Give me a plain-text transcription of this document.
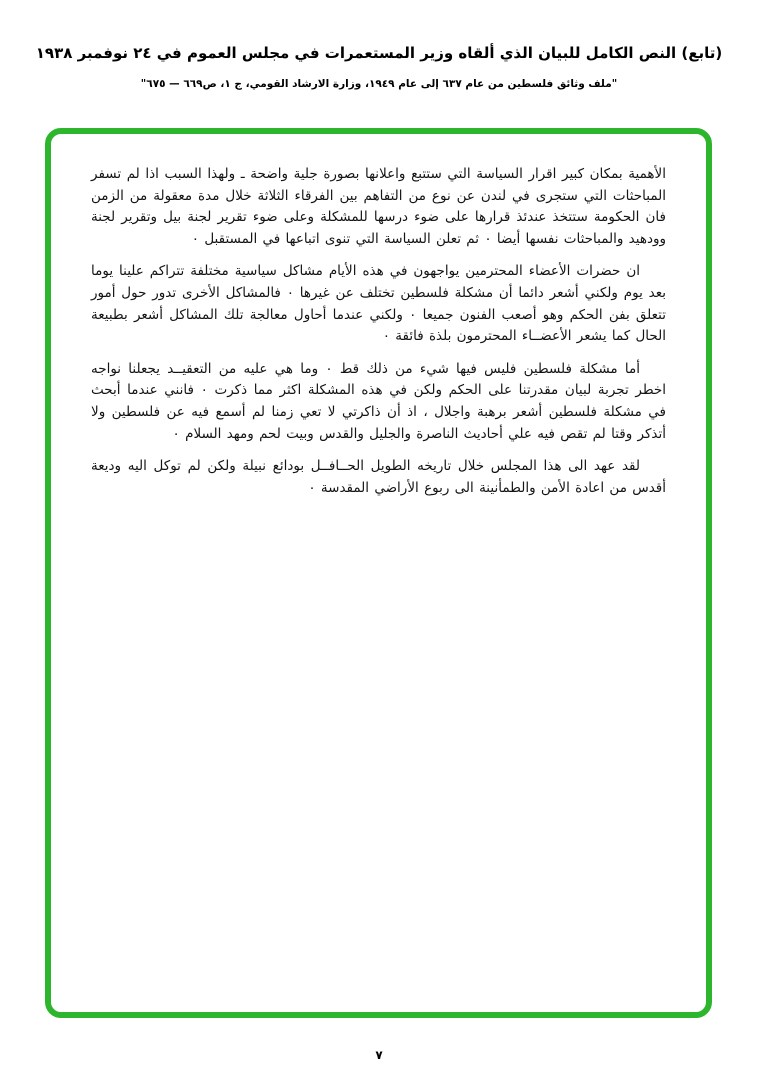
(تابع) النص الكامل للبيان الذي ألقاه وزير المستعمرات في مجلس العموم في ٢٤ نوفمبر ١٩٣٨
"ملف وثائق فلسطين من عام ٦٣٧ إلى عام ١٩٤٩، وزارة الارشاد القومي، ج ١، ص٦٦٩ — ٦٧٥"

الأهمية بمكان كبير اقرار السياسة التي ستتبع واعلانها بصورة جلية واضحة ـ ولهذا السبب اذا لم تسفر المباحثات التي ستجرى في لندن عن نوع من التفاهم بين الفرقاء الثلاثة خلال مدة معقولة من الزمن فان الحكومة ستتخذ عندئذ قرارها على ضوء درسها للمشكلة وعلى ضوء تقرير لجنة بيل وتقرير لجنة وودهيد والمباحثات نفسها أيضا ٠ ثم تعلن السياسة التي تنوى اتباعها في المستقبل ٠

ان حضرات الأعضاء المحترمين يواجهون في هذه الأيام مشاكل سياسية مختلفة تتراكم علينا يوما بعد يوم ولكني أشعر دائما أن مشكلة فلسطين تختلف عن غيرها ٠ فالمشاكل الأخرى تدور حول أمور تتعلق بفن الحكم وهو أصعب الفنون جميعا ٠ ولكني عندما أحاول معالجة تلك المشاكل أشعر بطبيعة الحال كما يشعر الأعضــاء المحترمون بلذة فائقة ٠

أما مشكلة فلسطين فليس فيها شيء من ذلك قط ٠ وما هي عليه من التعقيــد يجعلنا نواجه اخطر تجربة لبيان مقدرتنا على الحكم ولكن في هذه المشكلة اكثر مما ذكرت ٠ فانني عندما أبحث في مشكلة فلسطين أشعر برهبة واجلال ، اذ أن ذاكرتي لا تعي زمنا لم أسمع فيه عن فلسطين ولا أتذكر وقتا لم تقص فيه علي أحاديث الناصرة والجليل والقدس وبيت لحم ومهد السلام ٠

لقد عهد الى هذا المجلس خلال تاريخه الطويل الحــافــل بودائع نبيلة ولكن لم توكل اليه وديعة أقدس من اعادة الأمن والطمأنينة الى ربوع الأراضي المقدسة ٠

٧
